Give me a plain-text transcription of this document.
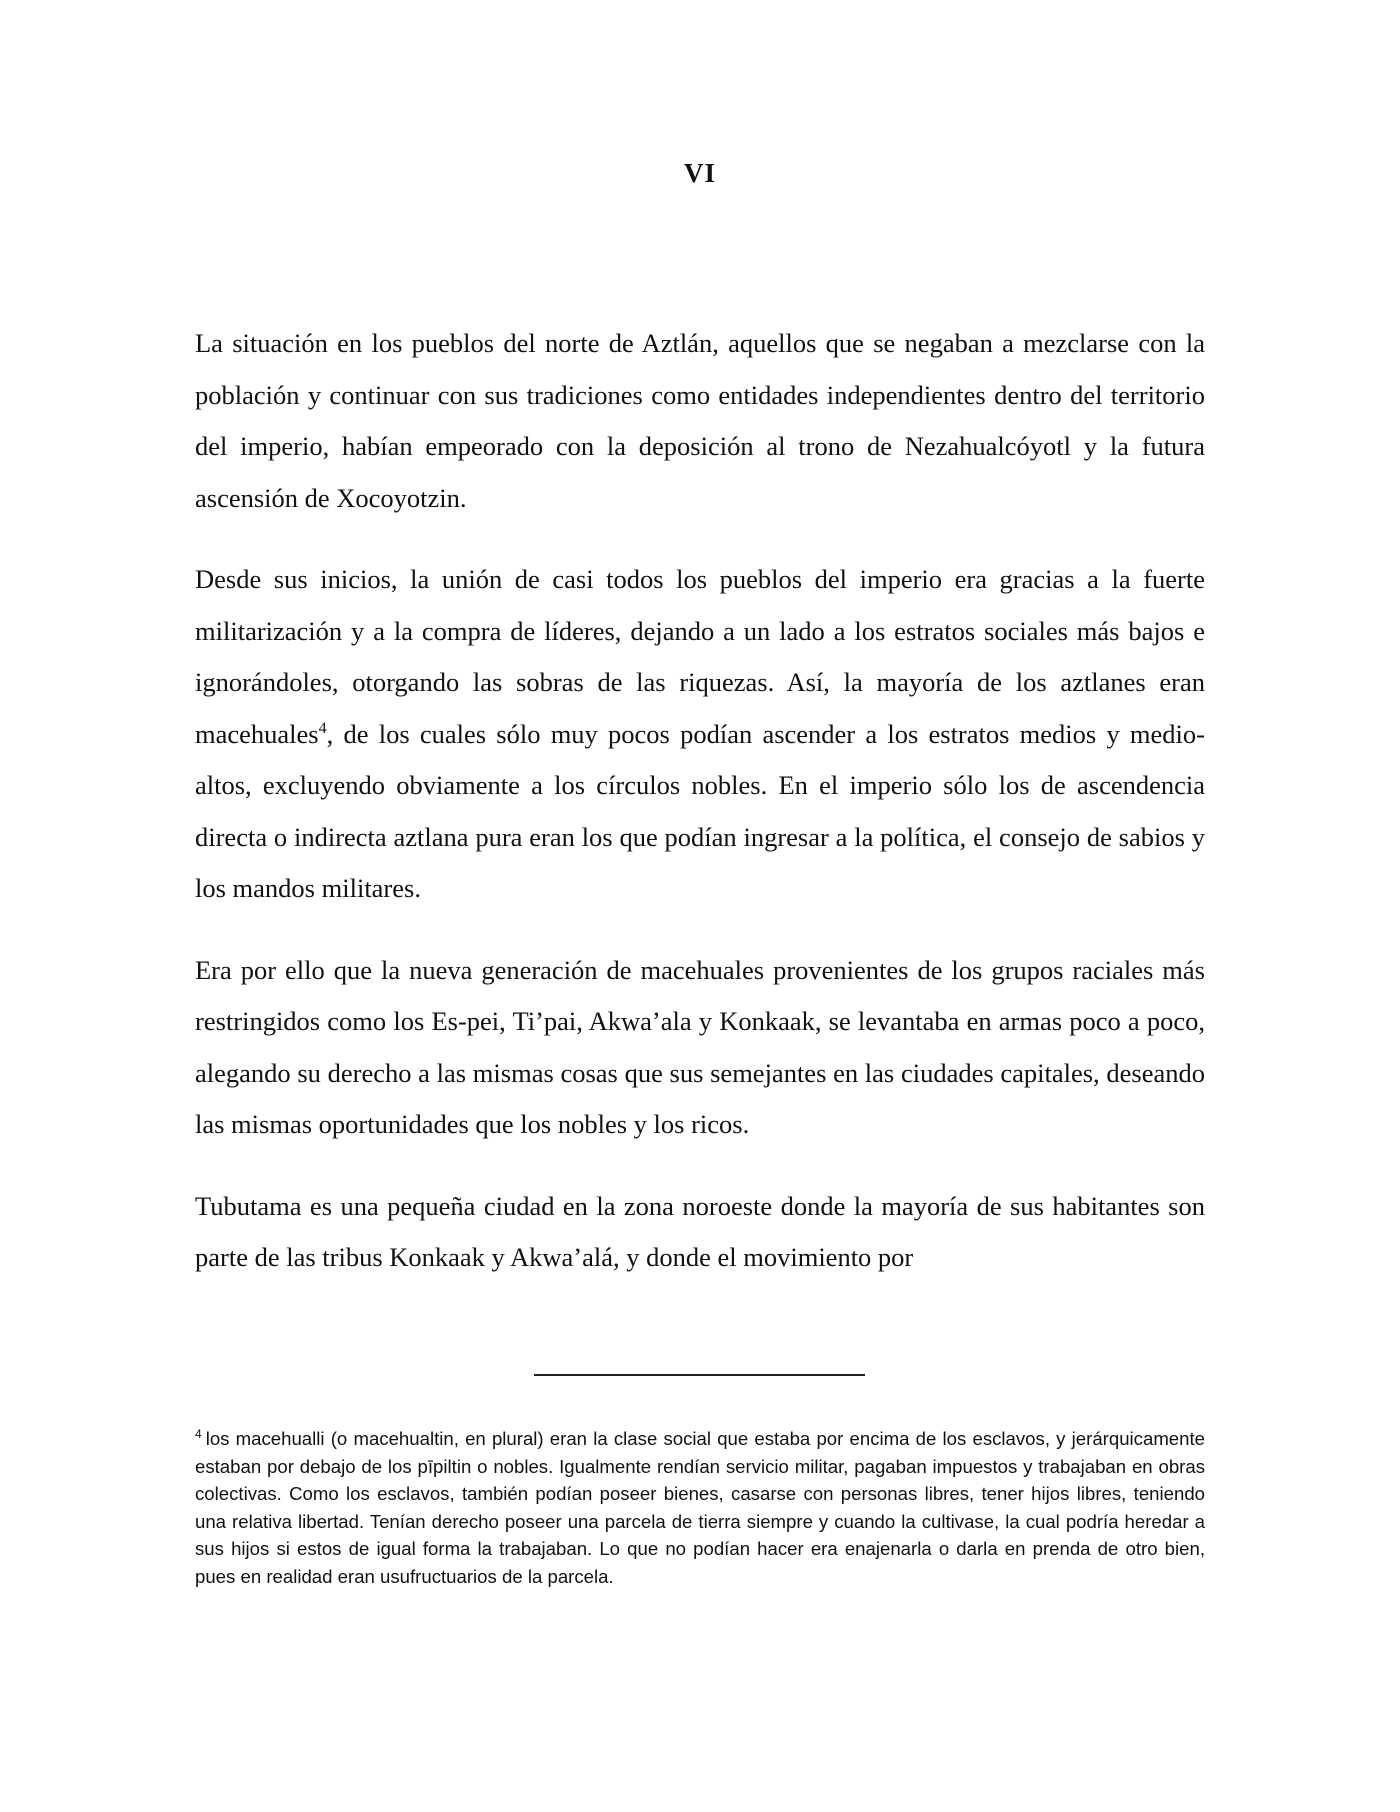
VI

La situación en los pueblos del norte de Aztlán, aquellos que se negaban a mezclarse con la población y continuar con sus tradiciones como entidades independientes dentro del territorio del imperio, habían empeorado con la deposición al trono de Nezahualcóyotl y la futura ascensión de Xocoyotzin.

Desde sus inicios, la unión de casi todos los pueblos del imperio era gracias a la fuerte militarización y a la compra de líderes, dejando a un lado a los estratos sociales más bajos e ignorándoles, otorgando las sobras de las riquezas. Así, la mayoría de los aztlanes eran macehuales$^4$, de los cuales sólo muy pocos podían ascender a los estratos medios y medio-altos, excluyendo obviamente a los círculos nobles. En el imperio sólo los de ascendencia directa o indirecta aztlana pura eran los que podían ingresar a la política, el consejo de sabios y los mandos militares.

Era por ello que la nueva generación de macehuales provenientes de los grupos raciales más restringidos como los Es-pei, Ti’pai, Akwa’ala y Konkaak, se levantaba en armas poco a poco, alegando su derecho a las mismas cosas que sus semejantes en las ciudades capitales, deseando las mismas oportunidades que los nobles y los ricos.

Tubutama es una pequeña ciudad en la zona noroeste donde la mayoría de sus habitantes son parte de las tribus Konkaak y Akwa’alá, y donde el movimiento por

$^4$ los macehualli (o macehualtin, en plural) eran la clase social que estaba por encima de los esclavos, y jerárquicamente estaban por debajo de los pīpiltin o nobles. Igualmente rendían servicio militar, pagaban impuestos y trabajaban en obras colectivas. Como los esclavos, también podían poseer bienes, casarse con personas libres, tener hijos libres, teniendo una relativa libertad. Tenían derecho poseer una parcela de tierra siempre y cuando la cultivase, la cual podría heredar a sus hijos si estos de igual forma la trabajaban. Lo que no podían hacer era enajenarla o darla en prenda de otro bien, pues en realidad eran usufructuarios de la parcela.
